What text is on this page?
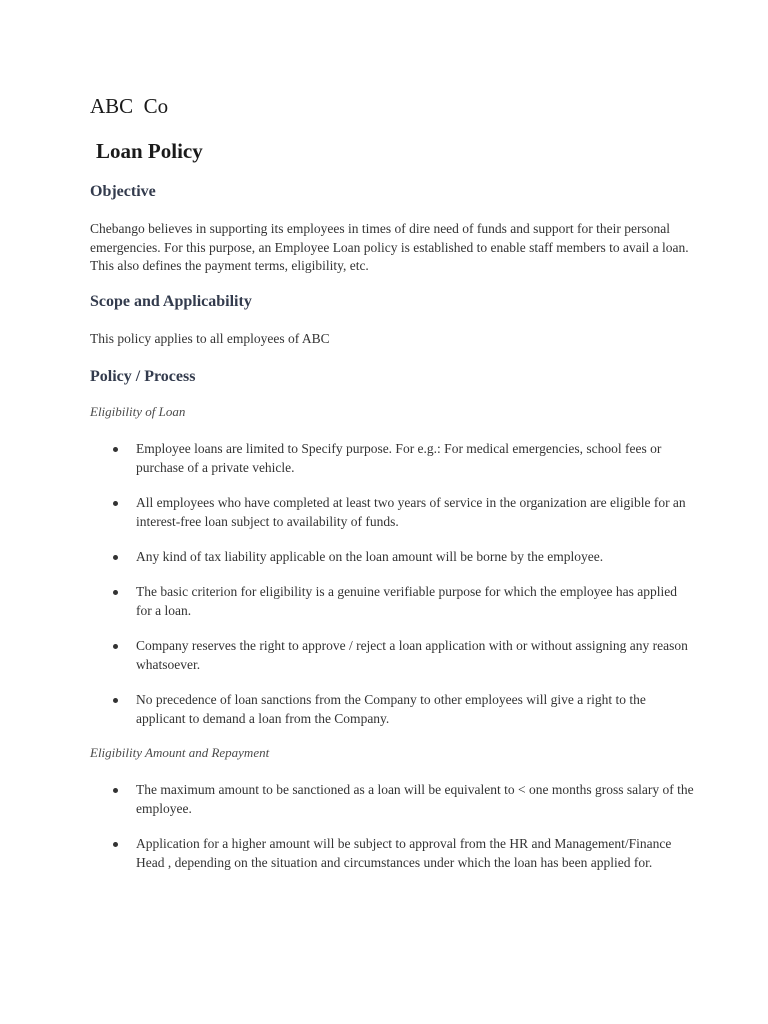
ABC  Co
Loan Policy
Objective

Chebango believes in supporting its employees in times of dire need of funds and support for their personal emergencies. For this purpose, an Employee Loan policy is established to enable staff members to avail a loan. This also defines the payment terms, eligibility, etc.

Scope and Applicability

This policy applies to all employees of ABC

Policy / Process

Eligibility of Loan

Employee loans are limited to Specify purpose. For e.g.: For medical emergencies, school fees or purchase of a private vehicle.
All employees who have completed at least two years of service in the organization are eligible for an interest-free loan subject to availability of funds.
Any kind of tax liability applicable on the loan amount will be borne by the employee.
The basic criterion for eligibility is a genuine verifiable purpose for which the employee has applied for a loan.
Company reserves the right to approve / reject a loan application with or without assigning any reason whatsoever.
No precedence of loan sanctions from the Company to other employees will give a right to the applicant to demand a loan from the Company.

Eligibility Amount and Repayment

The maximum amount to be sanctioned as a loan will be equivalent to < one months gross salary of the employee.
Application for a higher amount will be subject to approval from the HR and Management/Finance Head , depending on the situation and circumstances under which the loan has been applied for.
